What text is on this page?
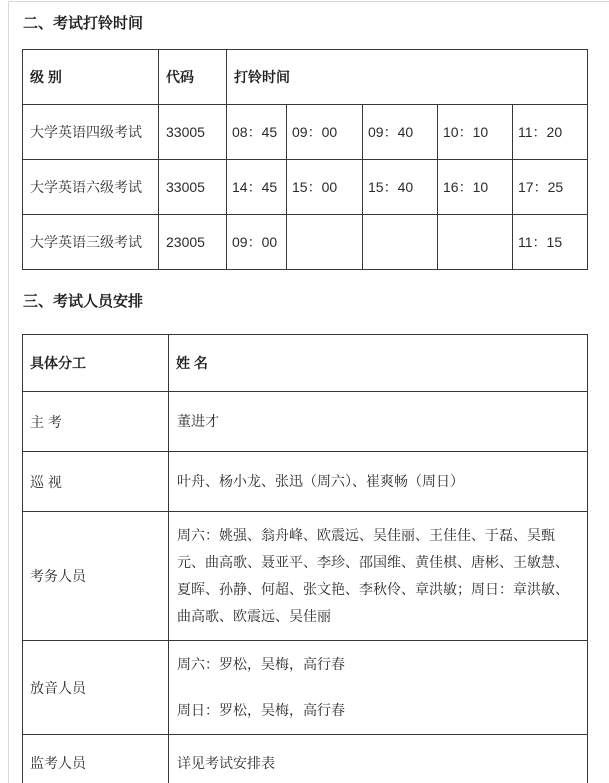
二、考试打铃时间
级 别	代码	打铃时间				
大学英语四级考试	33005	08：45	09：00	09：40	10：10	11：20
大学英语六级考试	33005	14：45	15：00	15：40	16：10	17：25
大学英语三级考试	23005	09：00				11：15
三、考试人员安排
具体分工	姓 名
主 考	董进才

巡 视	叶舟、杨小龙、张迅（周六）、崔爽畅（周日）

考务人员	周六：姚强、翁舟峰、欧震远、吴佳丽、王佳佳、于磊、吴甄元、曲高歌、聂亚平、李珍、邵国维、黄佳棋、唐彬、王敏慧、夏晖、孙静、何超、张文艳、李秋伶、章洪敏；周日：章洪敏、曲高歌、欧震远、吴佳丽

放音人员	周六：罗松，吴梅，高行春

周日：罗松，吴梅，高行春

监考人员	详见考试安排表
